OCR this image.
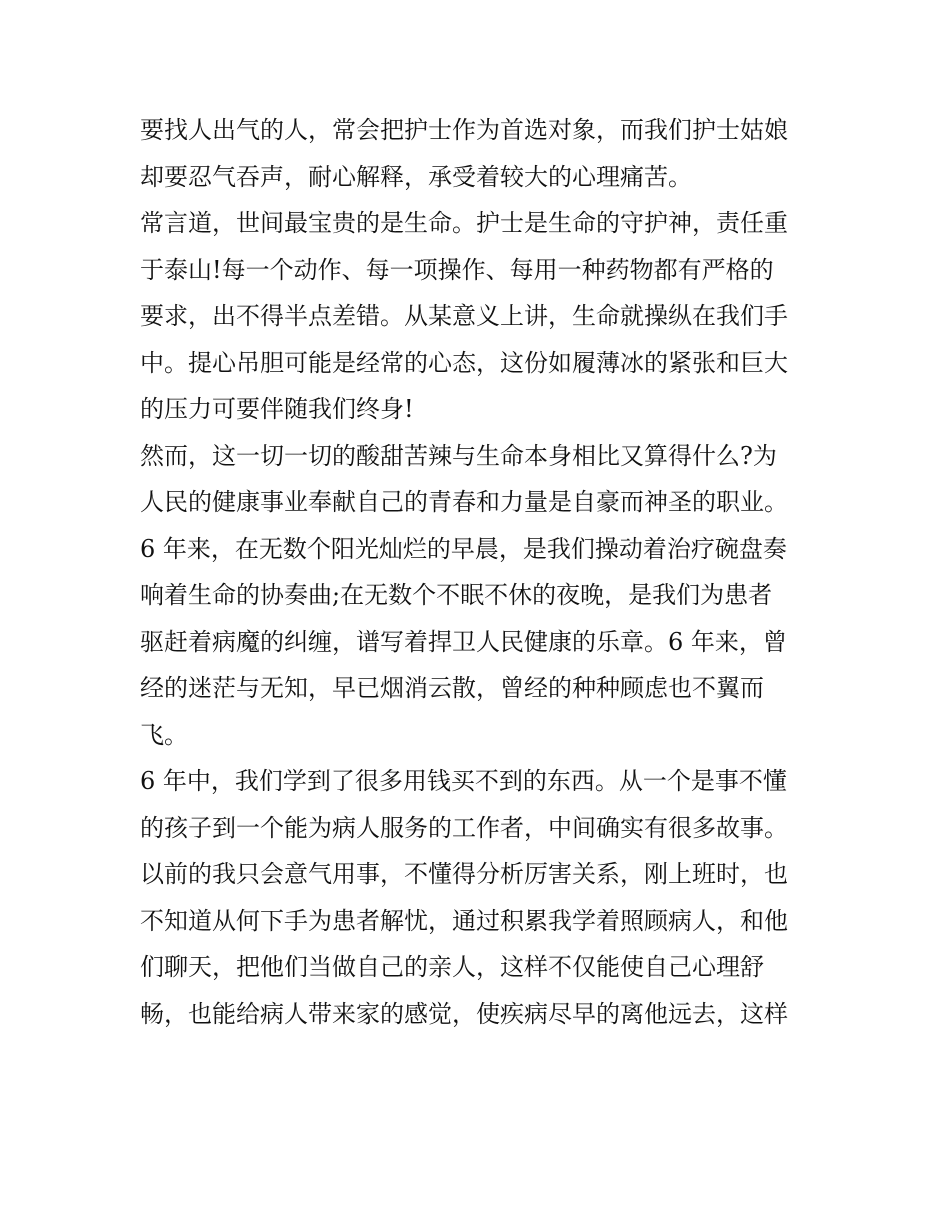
要找人出气的人，常会把护士作为首选对象，而我们护士姑娘
却要忍气吞声，耐心解释，承受着较大的心理痛苦。
常言道，世间最宝贵的是生命。护士是生命的守护神，责任重
于泰山!每一个动作、每一项操作、每用一种药物都有严格的
要求，出不得半点差错。从某意义上讲，生命就操纵在我们手
中。提心吊胆可能是经常的心态，这份如履薄冰的紧张和巨大
的压力可要伴随我们终身!
然而，这一切一切的酸甜苦辣与生命本身相比又算得什么?为
人民的健康事业奉献自己的青春和力量是自豪而神圣的职业。
6 年来，在无数个阳光灿烂的早晨，是我们操动着治疗碗盘奏
响着生命的协奏曲;在无数个不眠不休的夜晚，是我们为患者
驱赶着病魔的纠缠，谱写着捍卫人民健康的乐章。6 年来，曾
经的迷茫与无知，早已烟消云散，曾经的种种顾虑也不翼而
飞。
6 年中，我们学到了很多用钱买不到的东西。从一个是事不懂
的孩子到一个能为病人服务的工作者，中间确实有很多故事。
以前的我只会意气用事，不懂得分析厉害关系，刚上班时，也
不知道从何下手为患者解忧，通过积累我学着照顾病人，和他
们聊天，把他们当做自己的亲人，这样不仅能使自己心理舒
畅，也能给病人带来家的感觉，使疾病尽早的离他远去，这样
